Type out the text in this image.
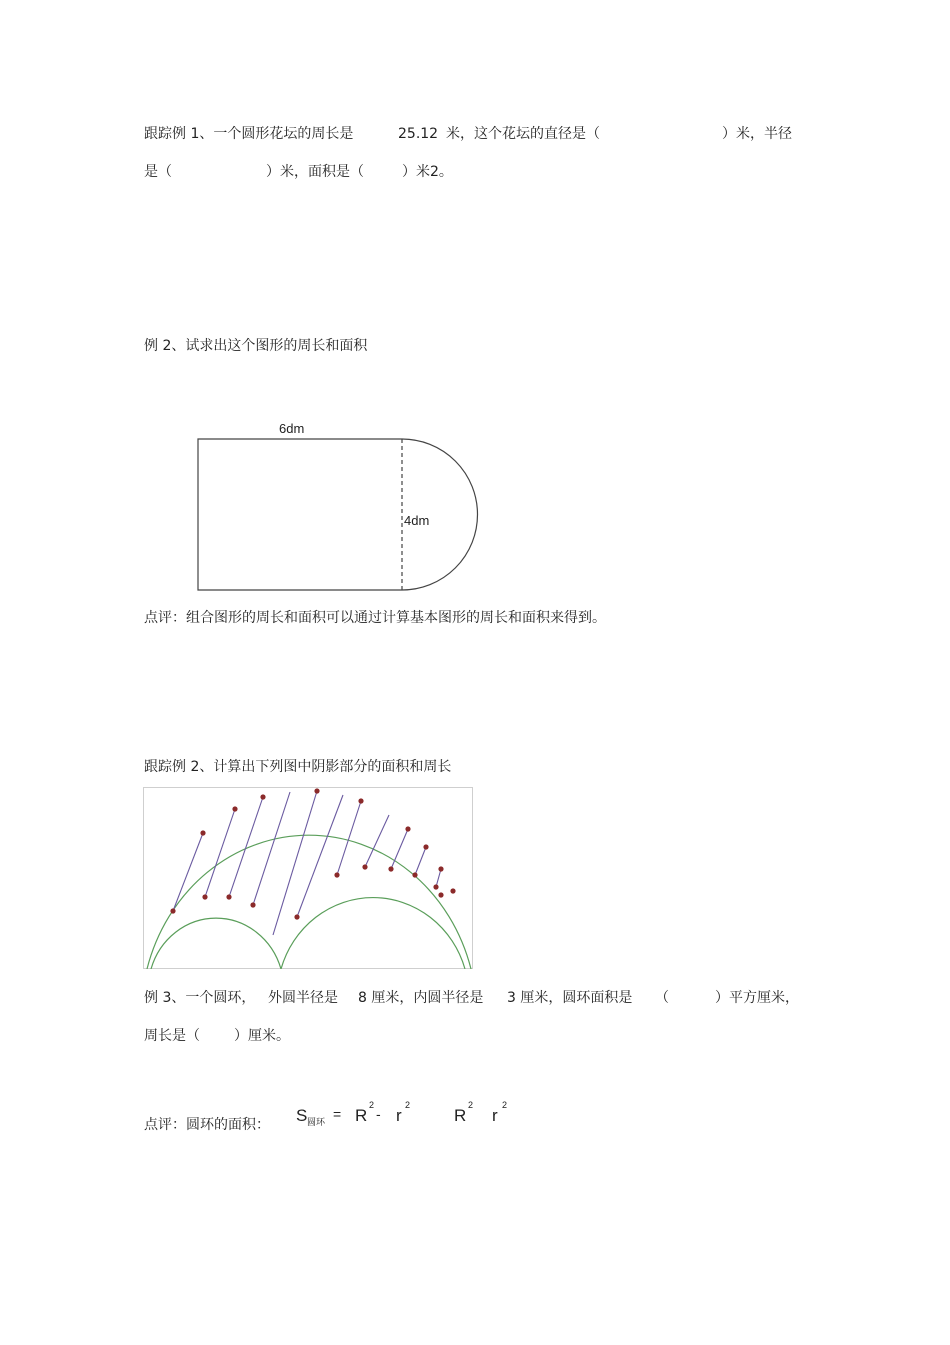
跟踪例 1、一个圆形花坛的周长是	25.12 米，这个花坛的直径是（	）米，半径
是（	）米，面积是（	）米2。
例 2、试求出这个图形的周长和面积
6dm
4dm
点评：组合图形的周长和面积可以通过计算基本图形的周长和面积来得到。
跟踪例 2、计算出下列图中阴影部分的面积和周长
例 3、一个圆环， 外圆半径是 8 厘米，内圆半径是 3 厘米，圆环面积是 （	）平方厘米，
周长是（ ）厘米。
点评：圆环的面积： S 圆环 = R
2
- r
2
R
2
r
2
